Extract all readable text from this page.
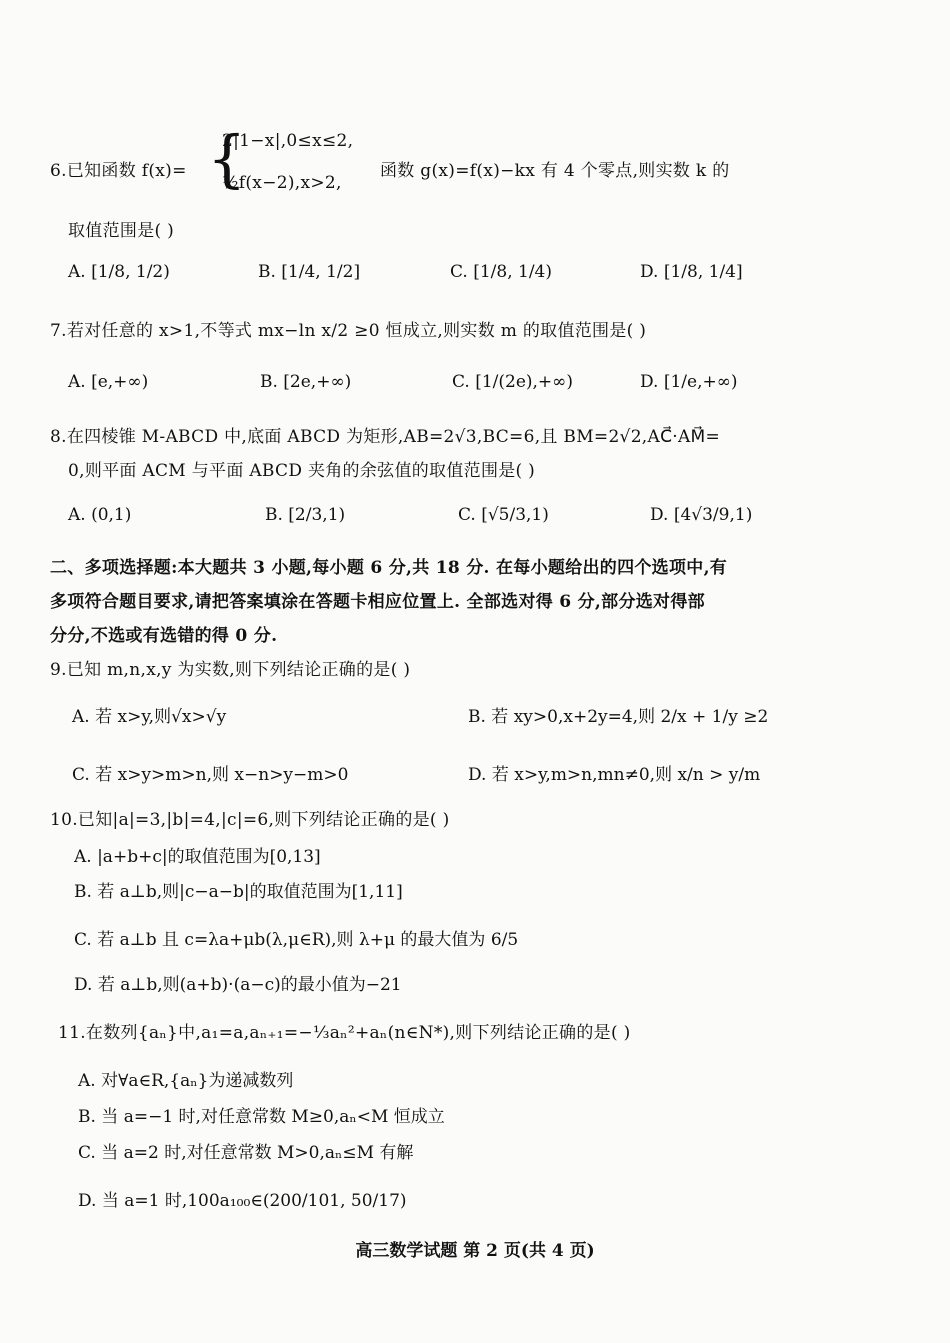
6.已知函数 f(x)= {
2|1−x|,0≤x≤2,
½f(x−2),x>2,
函数 g(x)=f(x)−kx 有 4 个零点,则实数 k 的
取值范围是( )
A. [1/8, 1/2)	B. [1/4, 1/2]	C. [1/8, 1/4)	D. [1/8, 1/4]
7.若对任意的 x>1,不等式 mx−ln x/2 ≥0 恒成立,则实数 m 的取值范围是( )
A. [e,+∞)	B. [2e,+∞)	C. [1/(2e),+∞)	D. [1/e,+∞)
8.在四棱锥 M-ABCD 中,底面 ABCD 为矩形,AB=2√3,BC=6,且 BM=2√2,AC⃗·AM⃗=
0,则平面 ACM 与平面 ABCD 夹角的余弦值的取值范围是( )
A. (0,1)	B. [2/3,1)	C. [√5/3,1)	D. [4√3/9,1)
二、多项选择题:本大题共 3 小题,每小题 6 分,共 18 分. 在每小题给出的四个选项中,有
多项符合题目要求,请把答案填涂在答题卡相应位置上. 全部选对得 6 分,部分选对得部
分分,不选或有选错的得 0 分.
9.已知 m,n,x,y 为实数,则下列结论正确的是( )
A. 若 x>y,则√x>√y	B. 若 xy>0,x+2y=4,则 2/x + 1/y ≥2
C. 若 x>y>m>n,则 x−n>y−m>0	D. 若 x>y,m>n,mn≠0,则 x/n > y/m
10.已知|a|=3,|b|=4,|c|=6,则下列结论正确的是( )
A. |a+b+c|的取值范围为[0,13]
B. 若 a⊥b,则|c−a−b|的取值范围为[1,11]
C. 若 a⊥b 且 c=λa+μb(λ,μ∈R),则 λ+μ 的最大值为 6/5
D. 若 a⊥b,则(a+b)·(a−c)的最小值为−21
11.在数列{aₙ}中,a₁=a,aₙ₊₁=−⅓aₙ²+aₙ(n∈N*),则下列结论正确的是( )
A. 对∀a∈R,{aₙ}为递减数列
B. 当 a=−1 时,对任意常数 M≥0,aₙ<M 恒成立
C. 当 a=2 时,对任意常数 M>0,aₙ≤M 有解
D. 当 a=1 时,100a₁₀₀∈(200/101, 50/17)
高三数学试题 第 2 页(共 4 页)
